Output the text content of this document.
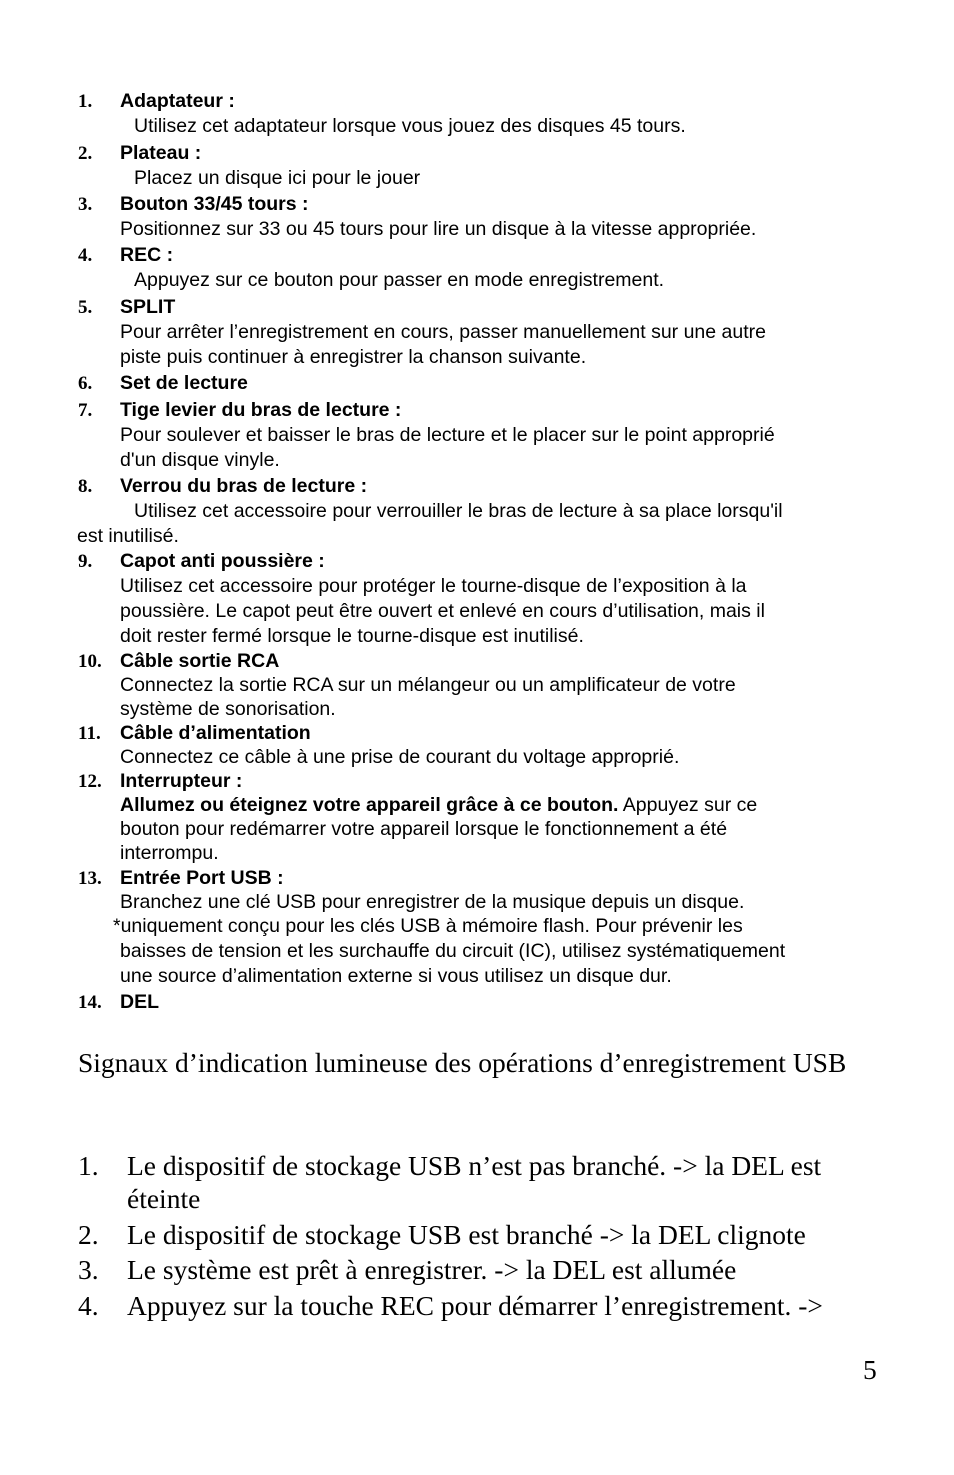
1. Adaptateur :
Utilisez cet adaptateur lorsque vous jouez des disques 45 tours.
2. Plateau :
Placez un disque ici pour le jouer
3. Bouton 33/45 tours :
Positionnez sur 33 ou 45 tours pour lire un disque à la vitesse appropriée.
4. REC :
Appuyez sur ce bouton pour passer en mode enregistrement.
5. SPLIT
Pour arrêter l’enregistrement en cours, passer manuellement sur une autre
piste puis continuer à enregistrer la chanson suivante.
6. Set de lecture
7. Tige levier du bras de lecture :
Pour soulever et baisser le bras de lecture et le placer sur le point approprié
d'un disque vinyle.
8. Verrou du bras de lecture :
Utilisez cet accessoire pour verrouiller le bras de lecture à sa place lorsqu'il
est inutilisé.
9. Capot anti poussière :
Utilisez cet accessoire pour protéger le tourne-disque de l’exposition à la
poussière. Le capot peut être ouvert et enlevé en cours d’utilisation, mais il
doit rester fermé lorsque le tourne-disque est inutilisé.
10. Câble sortie RCA
Connectez la sortie RCA sur un mélangeur ou un amplificateur de votre
système de sonorisation.
11. Câble d’alimentation
Connectez ce câble à une prise de courant du voltage approprié.
12. Interrupteur :
Allumez ou éteignez votre appareil grâce à ce bouton. Appuyez sur ce
bouton pour redémarrer votre appareil lorsque le fonctionnement a été
interrompu.
13. Entrée Port USB :
Branchez une clé USB pour enregistrer de la musique depuis un disque.
*uniquement conçu pour les clés USB à mémoire flash. Pour prévenir les
baisses de tension et les surchauffe du circuit (IC), utilisez systématiquement
une source d’alimentation externe si vous utilisez un disque dur.
14. DEL
Signaux d’indication lumineuse des opérations d’enregistrement USB
1. Le dispositif de stockage USB n’est pas branché. -> la DEL est
éteinte
2. Le dispositif de stockage USB est branché -> la DEL clignote
3. Le système est prêt à enregistrer. -> la DEL est allumée
4. Appuyez sur la touche REC pour démarrer l’enregistrement. ->
5
